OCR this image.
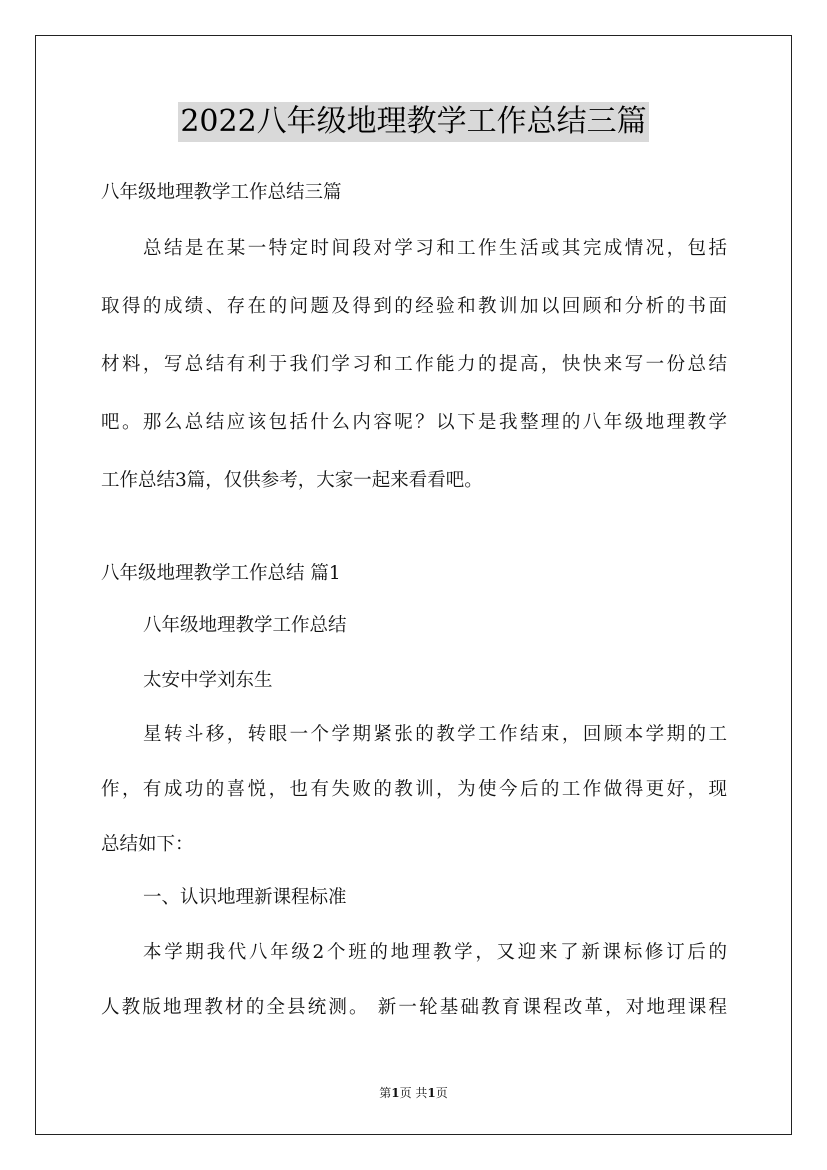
2022八年级地理教学工作总结三篇
八年级地理教学工作总结三篇
总结是在某一特定时间段对学习和工作生活或其完成情况，包括
取得的成绩、存在的问题及得到的经验和教训加以回顾和分析的书面
材料，写总结有利于我们学习和工作能力的提高，快快来写一份总结
吧。那么总结应该包括什么内容呢？以下是我整理的八年级地理教学
工作总结3篇，仅供参考，大家一起来看看吧。
八年级地理教学工作总结 篇1
八年级地理教学工作总结
太安中学刘东生
星转斗移，转眼一个学期紧张的教学工作结束，回顾本学期的工
作，有成功的喜悦，也有失败的教训，为使今后的工作做得更好，现
总结如下：
一、认识地理新课程标准
本学期我代八年级2个班的地理教学，又迎来了新课标修订后的
人教版地理教材的全县统测。 新一轮基础教育课程改革，对地理课程
第1页 共1页
